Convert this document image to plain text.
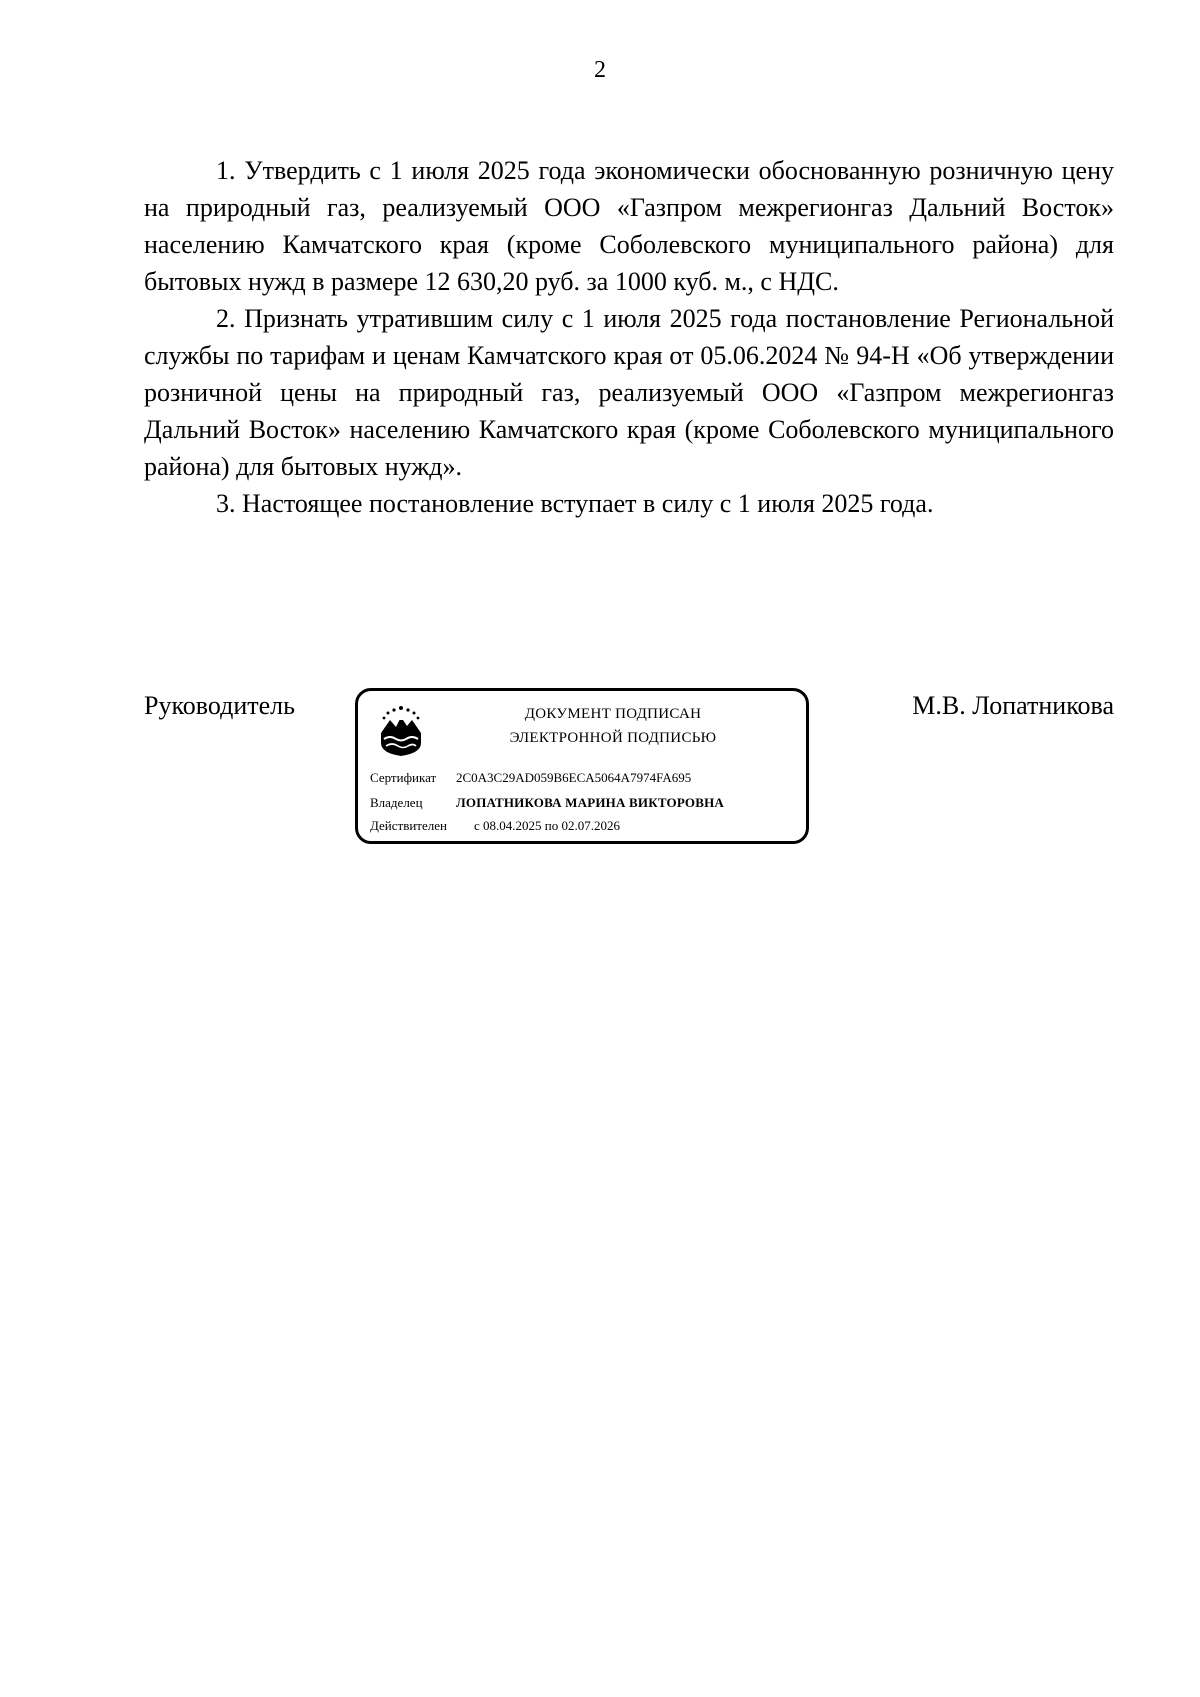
2

1. Утвердить с 1 июля 2025 года экономически обоснованную розничную цену на природный газ, реализуемый ООО «Газпром межрегионгаз Дальний Восток» населению Камчатского края (кроме Соболевского муниципального района) для бытовых нужд в размере 12 630,20 руб. за 1000 куб. м., с НДС.

2. Признать утратившим силу с 1 июля 2025 года постановление Региональной службы по тарифам и ценам Камчатского края от 05.06.2024 № 94-Н «Об утверждении розничной цены на природный газ, реализуемый ООО «Газпром межрегионгаз Дальний Восток» населению Камчатского края (кроме Соболевского муниципального района) для бытовых нужд».

3. Настоящее постановление вступает в силу с 1 июля 2025 года.

Руководитель	ДОКУМЕНТ ПОДПИСАН
ЭЛЕКТРОННОЙ ПОДПИСЬЮ
Сертификат 2C0A3C29AD059B6ECA5064A7974FA695
Владелец	ЛОПАТНИКОВА МАРИНА ВИКТОРОВНА
Действителен с 08.04.2025 по 02.07.2026
М.В. Лопатникова
